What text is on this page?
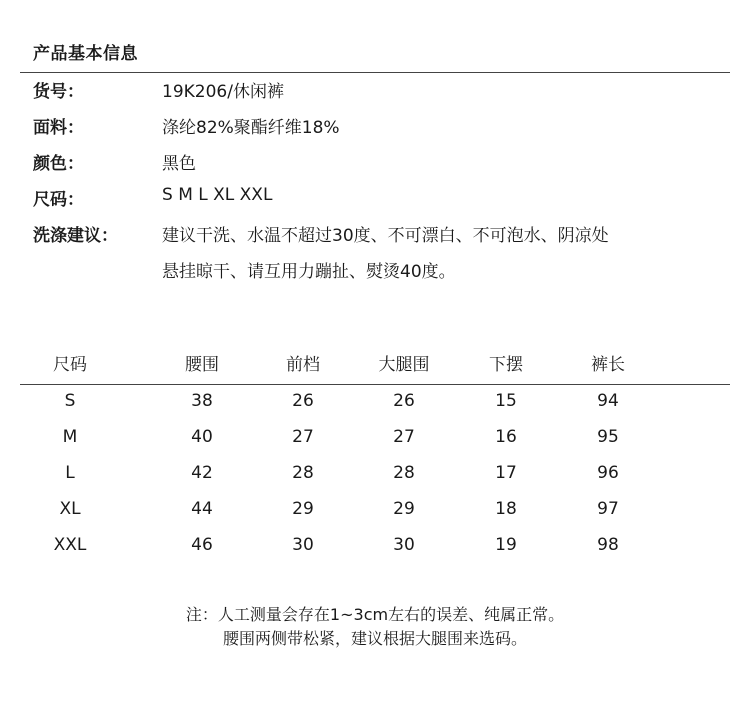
产品基本信息
货号：	19K206/休闲裤
面料：	涤纶82%聚酯纤维18%
颜色：	黑色
尺码：	S M L XL XXL
洗涤建议：	建议干洗、水温不超过30度、不可漂白、不可泡水、阴凉处
悬挂晾干、请互用力蹦扯、熨烫40度。
尺码	腰围	前档	大腿围	下摆	裤长
S	38	26	26	15	94
M	40	27	27	16	95
L	42	28	28	17	96
XL	44	29	29	18	97
XXL	46	30	30	19	98
注：人工测量会存在1~3cm左右的误差、纯属正常。
腰围两侧带松紧，建议根据大腿围来选码。
